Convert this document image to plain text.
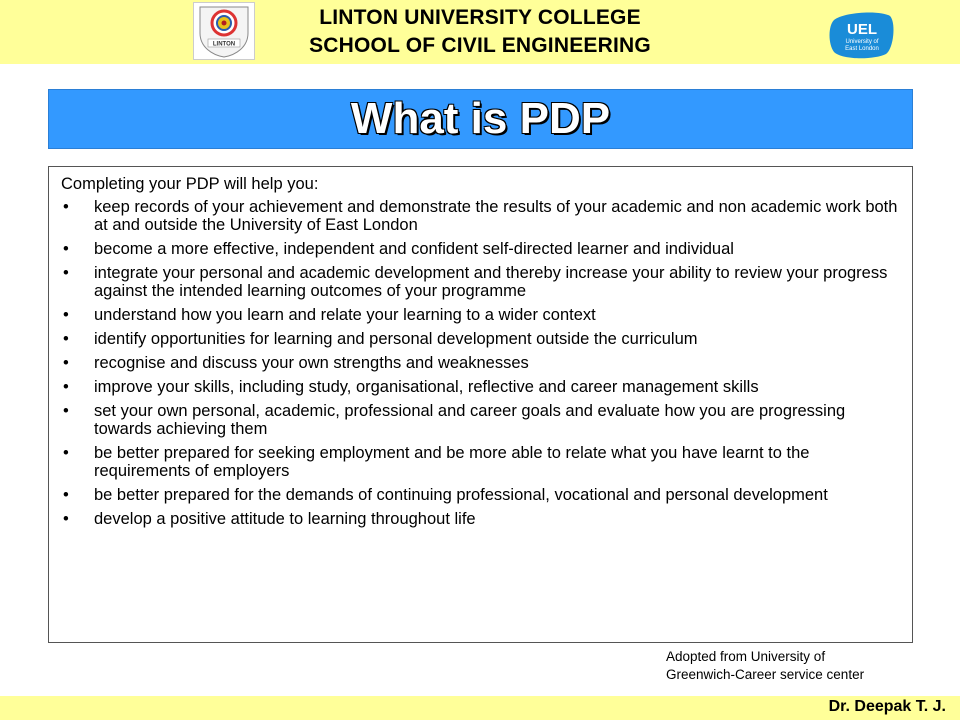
LINTON
LINTON UNIVERSITY COLLEGE
SCHOOL OF CIVIL ENGINEERING
UEL
University of
East London
What is PDP
Completing your PDP will help you:
• keep records of your achievement and demonstrate the results of your academic and non academic work both at and outside the University of East London
• become a more effective, independent and confident self-directed learner and individual
• integrate your personal and academic development and thereby increase your ability to review your progress against the intended learning outcomes of your programme
• understand how you learn and relate your learning to a wider context
• identify opportunities for learning and personal development outside the curriculum
• recognise and discuss your own strengths and weaknesses
• improve your skills, including study, organisational, reflective and career management skills
• set your own personal, academic, professional and career goals and evaluate how you are progressing towards achieving them
• be better prepared for seeking employment and be more able to relate what you have learnt to the requirements of employers
• be better prepared for the demands of continuing professional, vocational and personal development
• develop a positive attitude to learning throughout life
Adopted from University of
Greenwich-Career service center
Dr. Deepak T. J.
